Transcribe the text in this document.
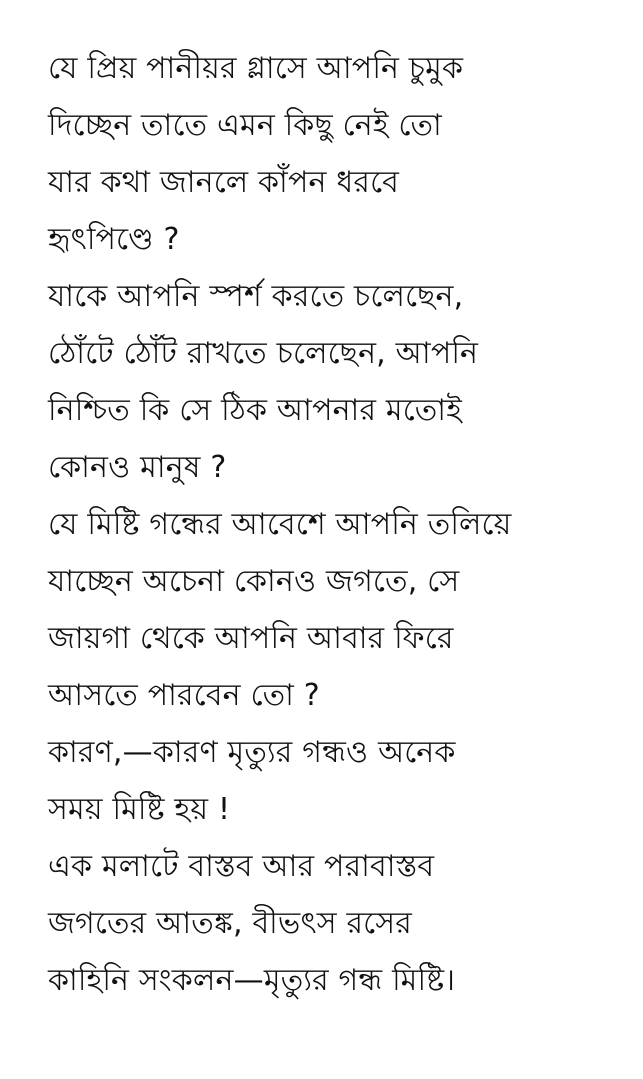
যে প্রিয় পানীয়র গ্লাসে আপনি চুমুক
দিচ্ছেন তাতে এমন কিছু নেই তো
যার কথা জানলে কাঁপন ধরবে
হৃৎপিণ্ডে ?
যাকে আপনি স্পর্শ করতে চলেছেন,
ঠোঁটে ঠোঁট রাখতে চলেছেন, আপনি
নিশ্চিত কি সে ঠিক আপনার মতোই
কোনও মানুষ ?
যে মিষ্টি গন্ধের আবেশে আপনি তলিয়ে
যাচ্ছেন অচেনা কোনও জগতে, সে
জায়গা থেকে আপনি আবার ফিরে
আসতে পারবেন তো ?
কারণ,—কারণ মৃত্যুর গন্ধও অনেক
সময় মিষ্টি হয় !
এক মলাটে বাস্তব আর পরাবাস্তব
জগতের আতঙ্ক, বীভৎস রসের
কাহিনি সংকলন—মৃত্যুর গন্ধ মিষ্টি।
